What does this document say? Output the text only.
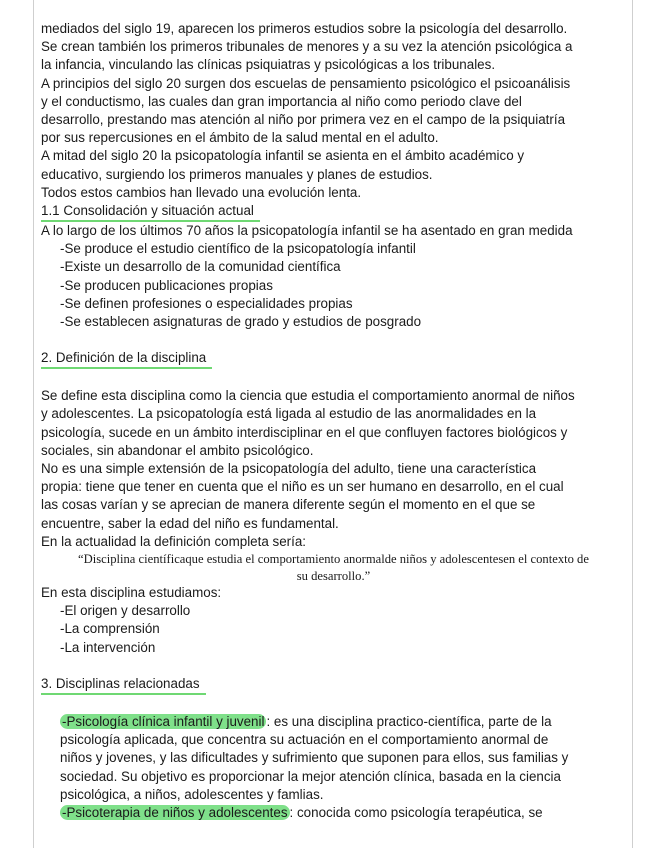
mediados del siglo 19, aparecen los primeros estudios sobre la psicología del desarrollo.

Se crean también los primeros tribunales de menores y a su vez la atención psicológica a

la infancia, vinculando las clínicas psiquiatras y psicológicas a los tribunales.

A principios del siglo 20 surgen dos escuelas de pensamiento psicológico el psicoanálisis

y el conductismo, las cuales dan gran importancia al niño como periodo clave del

desarrollo, prestando mas atención al niño por primera vez en el campo de la psiquiatría

por sus repercusiones en el ámbito de la salud mental en el adulto.

A mitad del siglo 20 la psicopatología infantil se asienta en el ámbito académico y

educativo, surgiendo los primeros manuales y planes de estudios.

Todos estos cambios han llevado una evolución lenta.

1.1 Consolidación y situación actual

A lo largo de los últimos 70 años la psicopatología infantil se ha asentado en gran medida

-Se produce el estudio científico de la psicopatología infantil

-Existe un desarrollo de la comunidad científica

-Se producen publicaciones propias

-Se definen profesiones o especialidades propias

-Se establecen asignaturas de grado y estudios de posgrado

2. Definición de la disciplina

Se define esta disciplina como la ciencia que estudia el comportamiento anormal de niños

y adolescentes. La psicopatología está ligada al estudio de las anormalidades en la

psicología, sucede en un ámbito interdisciplinar en el que confluyen factores biológicos y

sociales, sin abandonar el ambito psicológico.

No es una simple extensión de la psicopatología del adulto, tiene una característica

propia: tiene que tener en cuenta que el niño es un ser humano en desarrollo, en el cual

las cosas varían y se aprecian de manera diferente según el momento en el que se

encuentre, saber la edad del niño es fundamental.

En la actualidad la definición completa sería:

“Disciplina científicaque estudia el comportamiento anormalde niños y adolescentesen el contexto de

su desarrollo.”

En esta disciplina estudiamos:

-El origen y desarrollo

-La comprensión

-La intervención

3. Disciplinas relacionadas

-Psicología clínica infantil y juvenil : es una disciplina practico-científica, parte de la

psicología aplicada, que concentra su actuación en el comportamiento anormal de

niños y jovenes, y las dificultades y sufrimiento que suponen para ellos, sus familias y

sociedad. Su objetivo es proporcionar la mejor atención clínica, basada en la ciencia

psicológica, a niños, adolescentes y famlias.

-Psicoterapia de niños y adolescentes : conocida como psicología terapéutica, se
